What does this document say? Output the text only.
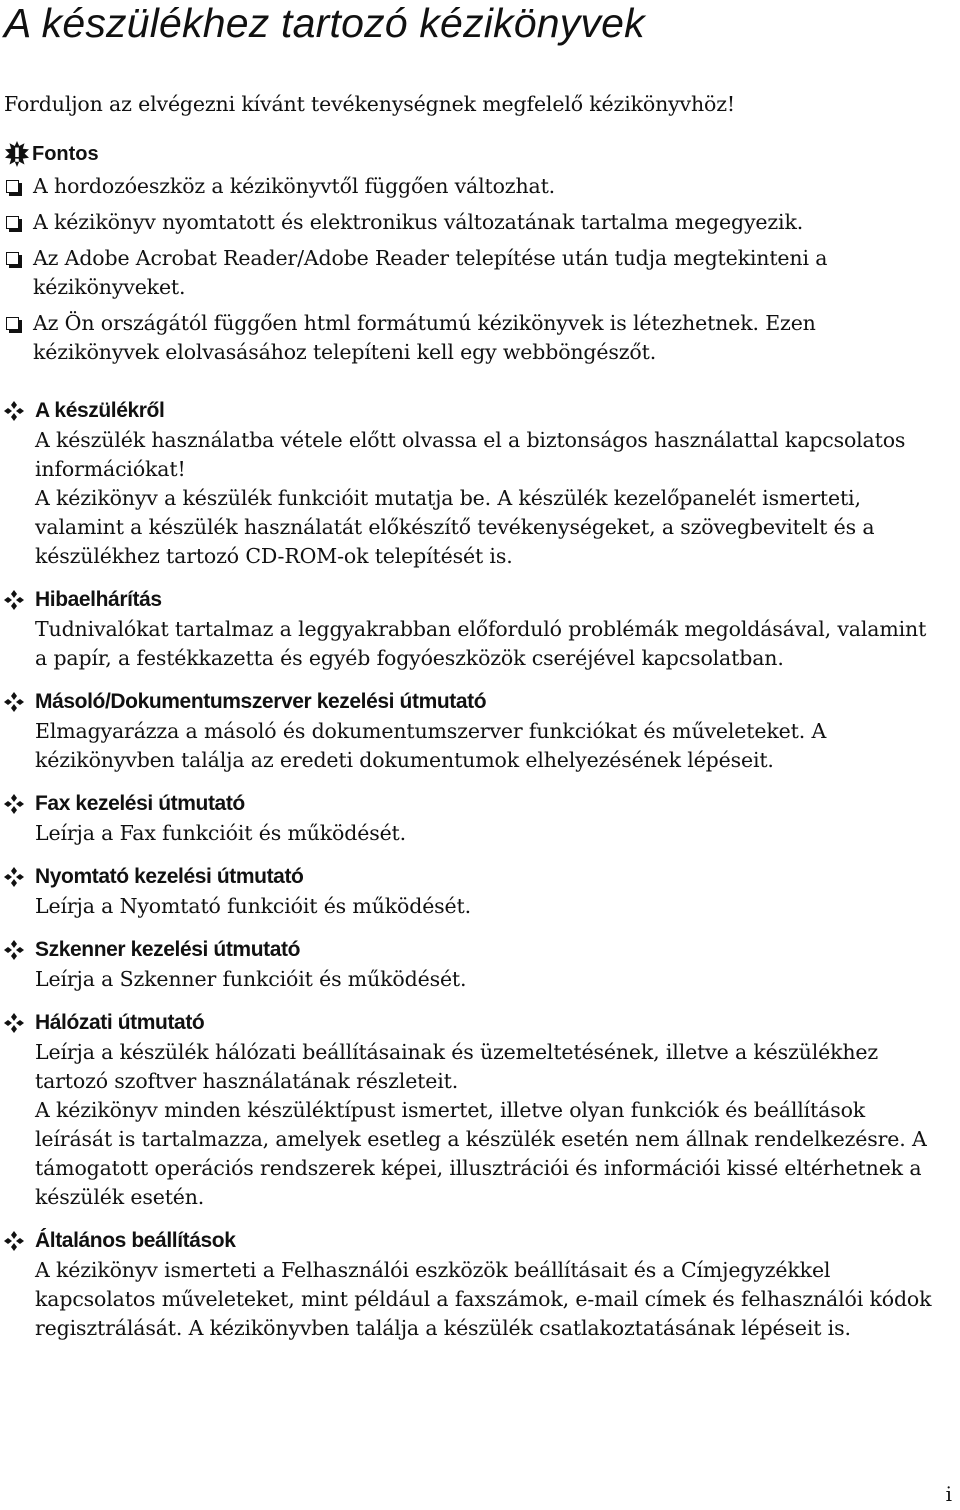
A készülékhez tartozó kézikönyvek

Forduljon az elvégezni kívánt tevékenységnek megfelelő kézikönyvhöz!

Fontos
A hordozóeszköz a kézikönyvtől függően változhat.
A kézikönyv nyomtatott és elektronikus változatának tartalma megegyezik.
Az Adobe Acrobat Reader/Adobe Reader telepítése után tudja megtekinteni a kézikönyveket.
Az Ön országától függően html formátumú kézikönyvek is létezhetnek. Ezen kézikönyvek elolvasásához telepíteni kell egy webböngészőt.
A készülékről

A készülék használatba vétele előtt olvassa el a biztonságos használattal kapcsolatos információkat!

A kézikönyv a készülék funkcióit mutatja be. A készülék kezelőpanelét ismerteti, valamint a készülék használatát előkészítő tevékenységeket, a szövegbevitelt és a készülékhez tartozó CD-ROM-ok telepítését is.

Hibaelhárítás

Tudnivalókat tartalmaz a leggyakrabban előforduló problémák megoldásával, valamint a papír, a festékkazetta és egyéb fogyóeszközök cseréjével kapcsolatban.

Másoló/Dokumentumszerver kezelési útmutató

Elmagyarázza a másoló és dokumentumszerver funkciókat és műveleteket. A kézikönyvben találja az eredeti dokumentumok elhelyezésének lépéseit.

Fax kezelési útmutató

Leírja a Fax funkcióit és működését.

Nyomtató kezelési útmutató

Leírja a Nyomtató funkcióit és működését.

Szkenner kezelési útmutató

Leírja a Szkenner funkcióit és működését.

Hálózati útmutató

Leírja a készülék hálózati beállításainak és üzemeltetésének, illetve a készülékhez tartozó szoftver használatának részleteit.

A kézikönyv minden készüléktípust ismertet, illetve olyan funkciók és beállítások leírását is tartalmazza, amelyek esetleg a készülék esetén nem állnak rendelkezésre. A támogatott operációs rendszerek képei, illusztrációi és információi kissé eltérhetnek a készülék esetén.

Általános beállítások

A kézikönyv ismerteti a Felhasználói eszközök beállításait és a Címjegyzékkel kapcsolatos műveleteket, mint például a faxszámok, e-mail címek és felhasználói kódok regisztrálását. A kézikönyvben találja a készülék csatlakoztatásának lépéseit is.

i
